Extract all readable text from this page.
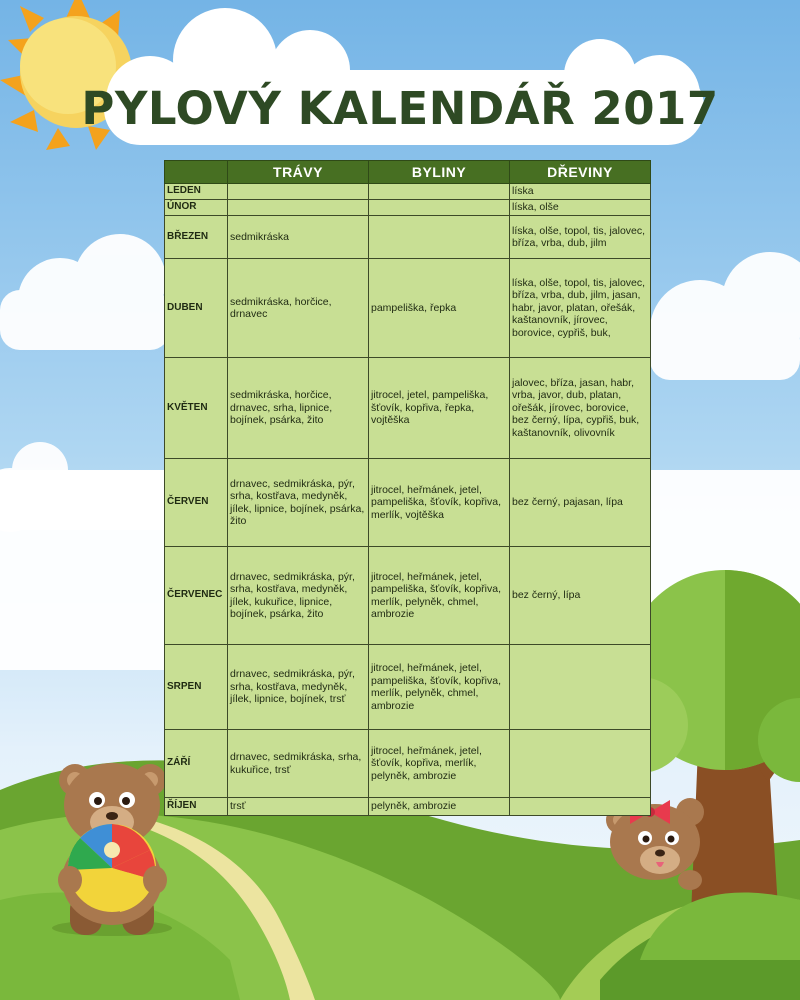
PYLOVÝ KALENDÁŘ 2017
	TRÁVY	BYLINY	DŘEVINY
LEDEN			líska
ÚNOR			líska, olše
BŘEZEN	sedmikráska		líska, olše, topol, tis, jalovec, bříza, vrba, dub, jilm
DUBEN	sedmikráska, horčice, drnavec	pampeliška, řepka	líska, olše, topol, tis, jalovec, bříza, vrba, dub, jilm, jasan, habr, javor, platan, ořešák, kaštanovník, jírovec, borovice, cypřiš, buk,
KVĚTEN	sedmikráska, horčice, drnavec, srha, lipnice, bojínek, psárka, žito	jitrocel, jetel, pampeliška, šťovík, kopřiva, řepka, vojtěška	jalovec, bříza, jasan, habr, vrba, javor, dub, platan, ořešák, jírovec, borovice, bez černý, lípa, cypřiš, buk, kaštanovník, olivovník
ČERVEN	drnavec, sedmikráska, pýr, srha, kostřava, medyněk, jílek, lipnice, bojínek, psárka, žito	jitrocel, heřmánek, jetel, pampeliška, šťovík, kopřiva, merlík, vojtěška	bez černý, pajasan, lípa
ČERVENEC	drnavec, sedmikráska, pýr, srha, kostřava, medyněk, jílek, kukuřice, lipnice, bojínek, psárka, žito	jitrocel, heřmánek, jetel, pampeliška, šťovík, kopřiva, merlík, pelyněk, chmel, ambrozie	bez černý, lípa
SRPEN	drnavec, sedmikráska, pýr, srha, kostřava, medyněk, jílek, lipnice, bojínek, trsť	jitrocel, heřmánek, jetel, pampeliška, šťovík, kopřiva, merlík, pelyněk, chmel, ambrozie	
ZÁŘÍ	drnavec, sedmikráska, srha, kukuřice, trsť	jitrocel, heřmánek, jetel, šťovík, kopřiva, merlík, pelyněk, ambrozie	
ŘÍJEN	trsť	pelyněk, ambrozie	
